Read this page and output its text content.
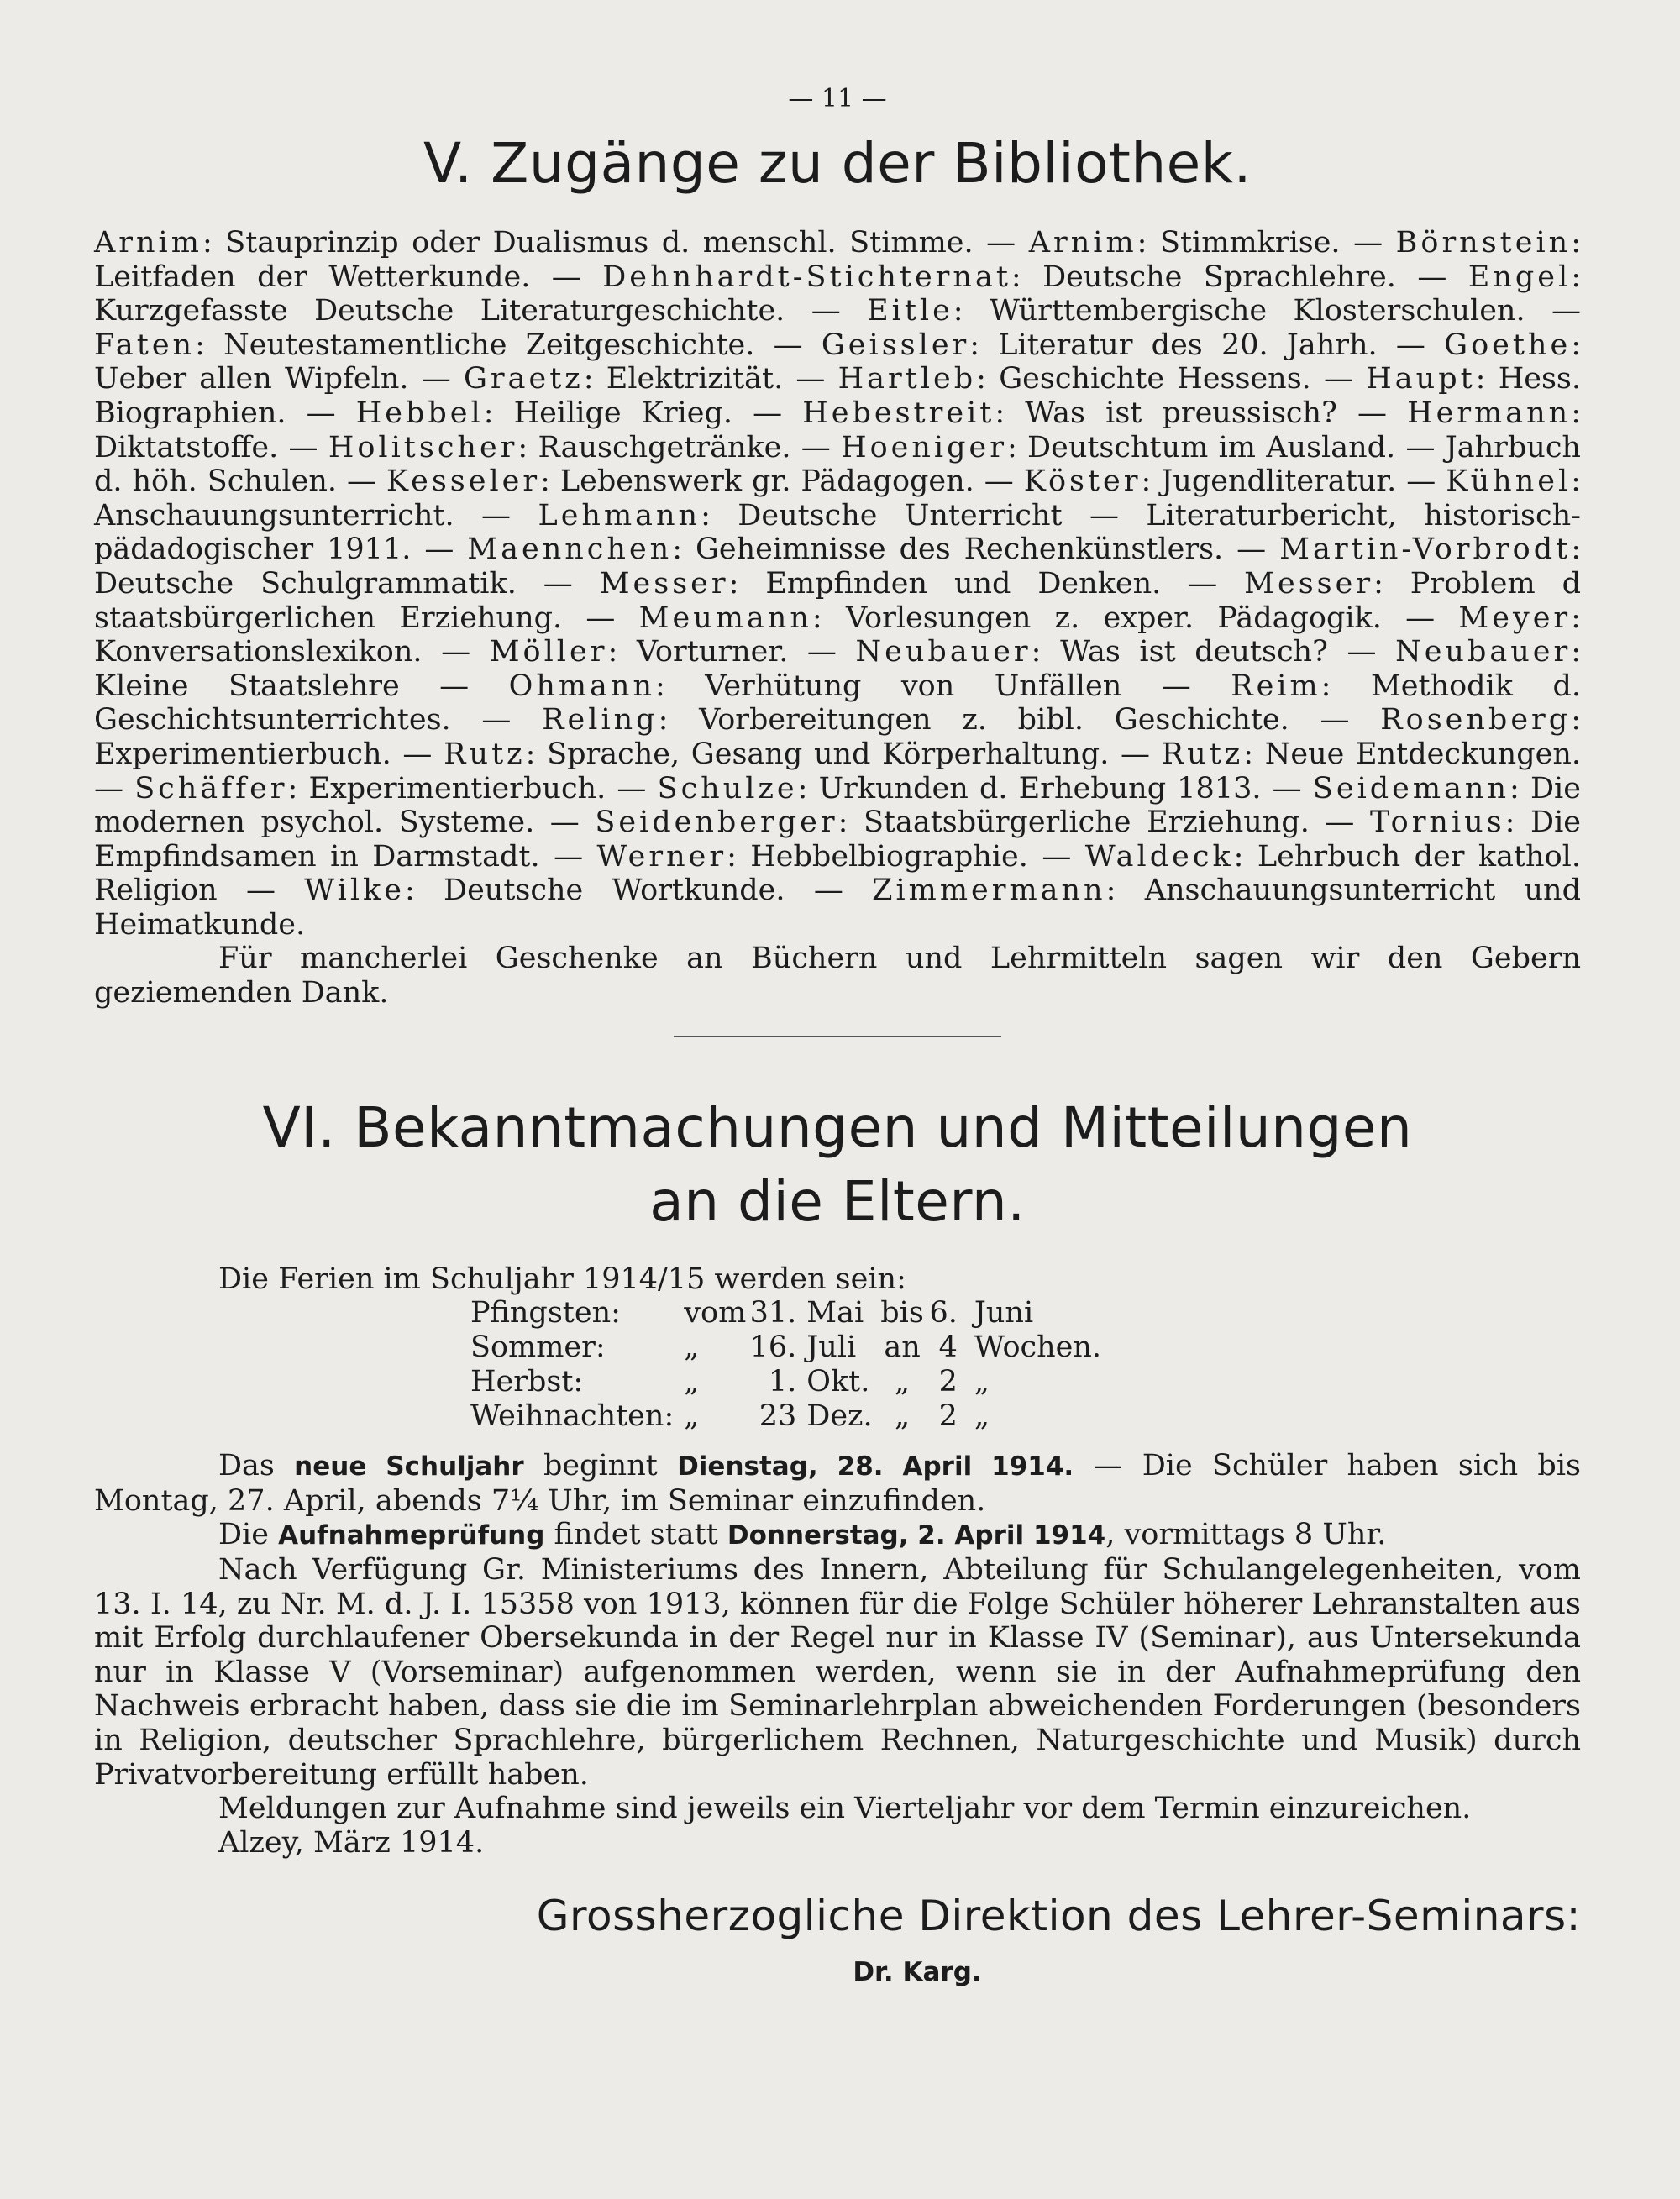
— 11 —
V. Zugänge zu der Bibliothek.

Arnim: Stauprinzip oder Dualismus d. menschl. Stimme. — Arnim: Stimmkrise. — Börnstein: Leitfaden der Wetterkunde. — Dehnhardt-Stichternat: Deutsche Sprachlehre. — Engel: Kurzgefasste Deutsche Literaturgeschichte. — Eitle: Württembergische Klosterschulen. — Faten: Neutestamentliche Zeitgeschichte. — Geissler: Literatur des 20. Jahrh. — Goethe: Ueber allen Wipfeln. — Graetz: Elektrizität. — Hartleb: Geschichte Hessens. — Haupt: Hess. Biographien. — Hebbel: Heilige Krieg. — Hebestreit: Was ist preussisch? — Hermann: Diktatstoffe. — Holitscher: Rauschgetränke. — Hoeniger: Deutschtum im Ausland. — Jahrbuch d. höh. Schulen. — Kesseler: Lebenswerk gr. Pädagogen. — Köster: Jugendliteratur. — Kühnel: Anschauungsunterricht. — Lehmann: Deutsche Unterricht — Literaturbericht, historisch-pädadogischer 1911. — Maennchen: Geheimnisse des Rechenkünstlers. — Martin-Vorbrodt: Deutsche Schulgrammatik. — Messer: Empfinden und Denken. — Messer: Problem d staatsbürgerlichen Erziehung. — Meumann: Vorlesungen z. exper. Pädagogik. — Meyer: Konversationslexikon. — Möller: Vorturner. — Neubauer: Was ist deutsch? — Neubauer: Kleine Staatslehre — Ohmann: Verhütung von Unfällen — Reim: Methodik d. Geschichtsunterrichtes. — Reling: Vorbereitungen z. bibl. Geschichte. — Rosenberg: Experimentierbuch. — Rutz: Sprache, Gesang und Körperhaltung. — Rutz: Neue Entdeckungen. — Schäffer: Experimentierbuch. — Schulze: Urkunden d. Erhebung 1813. — Seidemann: Die modernen psychol. Systeme. — Seidenberger: Staatsbürgerliche Erziehung. — Tornius: Die Empfindsamen in Darmstadt. — Werner: Hebbelbiographie. — Waldeck: Lehrbuch der kathol. Religion — Wilke: Deutsche Wortkunde. — Zimmermann: Anschauungsunterricht und Heimatkunde.

Für mancherlei Geschenke an Büchern und Lehrmitteln sagen wir den Gebern geziemenden Dank.

VI. Bekanntmachungen und Mitteilungen
an die Eltern.

Die Ferien im Schuljahr 1914/15 werden sein:

Pfingsten:	vom	31.	Mai	bis	6.	Juni
Sommer:	„	16.	Juli	an	4	Wochen.
Herbst:	„	1.	Okt.	„	2	„
Weihnachten:	„	23	Dez.	„	2	„

Das neue Schuljahr beginnt Dienstag, 28. April 1914. — Die Schüler haben sich bis Montag, 27. April, abends 7¼ Uhr, im Seminar einzufinden.

Die Aufnahmeprüfung findet statt Donnerstag, 2. April 1914, vormittags 8 Uhr.

Nach Verfügung Gr. Ministeriums des Innern, Abteilung für Schulangelegenheiten, vom 13. I. 14, zu Nr. M. d. J. I. 15358 von 1913, können für die Folge Schüler höherer Lehranstalten aus mit Erfolg durchlaufener Obersekunda in der Regel nur in Klasse IV (Seminar), aus Untersekunda nur in Klasse V (Vorseminar) aufgenommen werden, wenn sie in der Aufnahmeprüfung den Nachweis erbracht haben, dass sie die im Seminarlehrplan abweichenden Forderungen (besonders in Religion, deutscher Sprachlehre, bürgerlichem Rechnen, Naturgeschichte und Musik) durch Privatvorbereitung erfüllt haben.

Meldungen zur Aufnahme sind jeweils ein Vierteljahr vor dem Termin einzureichen.

Alzey, März 1914.

Grossherzogliche Direktion des Lehrer-Seminars:

Dr. Karg.
